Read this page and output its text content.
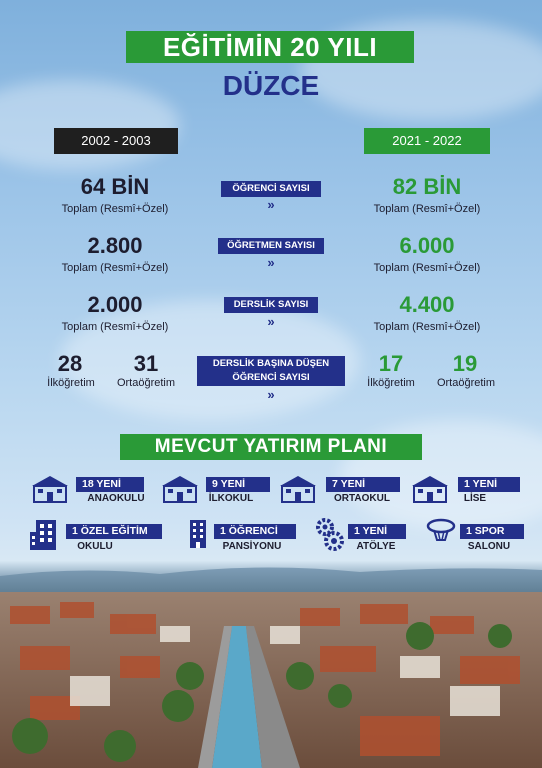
EĞİTİMİN 20 YILI
DÜZCE
2002 - 2003	2021 - 2022
64 BİN
Toplam (Resmî+Özel)
ÖĞRENCİ SAYISI
»
82 BİN
Toplam (Resmî+Özel)
2.800
Toplam (Resmî+Özel)
ÖĞRETMEN SAYISI
»
6.000
Toplam (Resmî+Özel)
2.000
Toplam (Resmî+Özel)
DERSLİK SAYISI
»
4.400
Toplam (Resmî+Özel)
28
İlköğretim
31
Ortaöğretim
DERSLİK BAŞINA DÜŞEN
ÖĞRENCİ SAYISI
»
17
İlköğretim
19
Ortaöğretim
MEVCUT YATIRIM PLANI
18 YENİ
ANAOKULU
9 YENİ
İLKOKUL
7 YENİ
ORTAOKUL
1 YENİ
LİSE
1 ÖZEL EĞİTİM
OKULU
1 ÖĞRENCİ
PANSİYONU
1 YENİ
ATÖLYE
1 SPOR
SALONU
